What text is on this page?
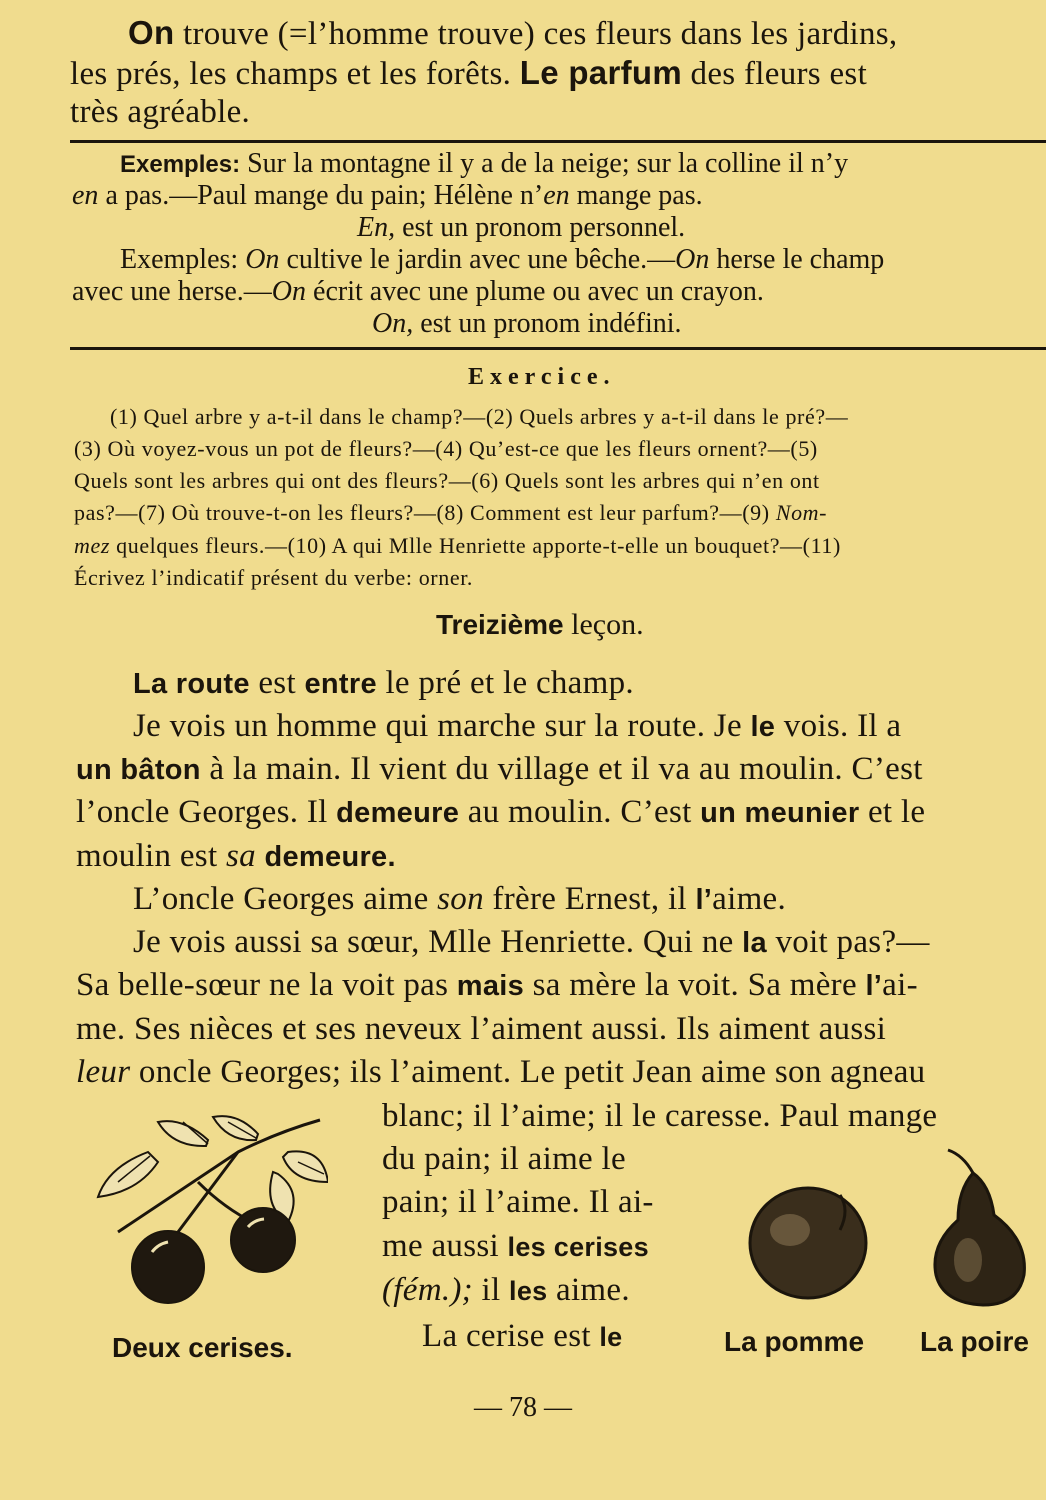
On trouve (=l’homme trouve) ces fleurs dans les jardins,

les prés, les champs et les forêts. Le parfum des fleurs est

très agréable.

Exemples: Sur la montagne il y a de la neige; sur la colline il n’y

en a pas.—Paul mange du pain; Hélène n’en mange pas.

En, est un pronom personnel.

Exemples: On cultive le jardin avec une bêche.—On herse le champ

avec une herse.—On écrit avec une plume ou avec un crayon.

On, est un pronom indéfini.

Exercice.

(1) Quel arbre y a-t-il dans le champ?—(2) Quels arbres y a-t-il dans le pré?—

(3) Où voyez-vous un pot de fleurs?—(4) Qu’est-ce que les fleurs ornent?—(5)

Quels sont les arbres qui ont des fleurs?—(6) Quels sont les arbres qui n’en ont

pas?—(7) Où trouve-t-on les fleurs?—(8) Comment est leur parfum?—(9) Nom-

mez quelques fleurs.—(10) A qui Mlle Henriette apporte-t-elle un bouquet?—(11)

Écrivez l’indicatif présent du verbe: orner.

Treizième leçon.

La route est entre le pré et le champ.

Je vois un homme qui marche sur la route. Je le vois. Il a

un bâton à la main. Il vient du village et il va au moulin. C’est

l’oncle Georges. Il demeure au moulin. C’est un meunier et le

moulin est sa demeure.

L’oncle Georges aime son frère Ernest, il l’aime.

Je vois aussi sa sœur, Mlle Henriette. Qui ne la voit pas?—

Sa belle-sœur ne la voit pas mais sa mère la voit. Sa mère l’ai-

me. Ses nièces et ses neveux l’aiment aussi. Ils aiment aussi

leur oncle Georges; ils l’aiment. Le petit Jean aime son agneau

blanc; il l’aime; il le caresse. Paul mange

du pain; il aime le

pain; il l’aime. Il ai-

me aussi les cerises

(fém.); il les aime.

La cerise est le

Deux cerises.	La pomme La poire

— 78 —
